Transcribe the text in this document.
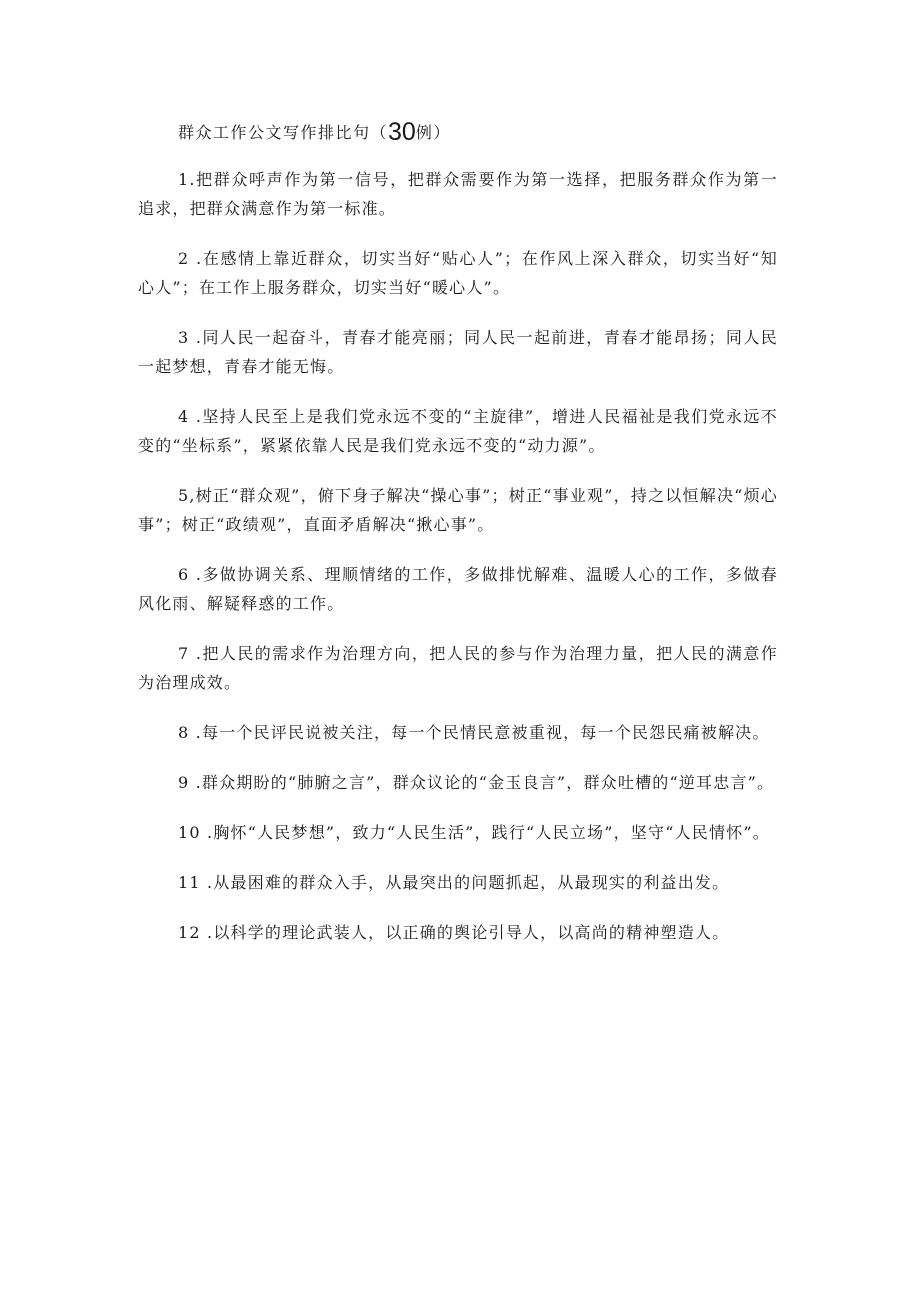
群众工作公文写作排比句（30例）

1.把群众呼声作为第一信号，把群众需要作为第一选择，把服务群众作为第一追求，把群众满意作为第一标准。

2 .在感情上靠近群众，切实当好“贴心人”；在作风上深入群众，切实当好“知心人”；在工作上服务群众，切实当好“暖心人”。

3 .同人民一起奋斗，青春才能亮丽；同人民一起前进，青春才能昂扬；同人民一起梦想，青春才能无悔。

4 .坚持人民至上是我们党永远不变的“主旋律”，增进人民福祉是我们党永远不变的“坐标系”，紧紧依靠人民是我们党永远不变的“动力源”。

5,树正“群众观”，俯下身子解决“操心事”；树正“事业观”，持之以恒解决“烦心事”；树正“政绩观”，直面矛盾解决“揪心事”。

6 .多做协调关系、理顺情绪的工作，多做排忧解难、温暖人心的工作，多做春风化雨、解疑释惑的工作。

7 .把人民的需求作为治理方向，把人民的参与作为治理力量，把人民的满意作为治理成效。

8 .每一个民评民说被关注，每一个民情民意被重视，每一个民怨民痛被解决。

9 .群众期盼的“肺腑之言”，群众议论的“金玉良言”，群众吐槽的“逆耳忠言”。

10 .胸怀“人民梦想”，致力“人民生活”，践行“人民立场”，坚守“人民情怀”。

11 .从最困难的群众入手，从最突出的问题抓起，从最现实的利益出发。

12 .以科学的理论武装人，以正确的舆论引导人，以高尚的精神塑造人。
